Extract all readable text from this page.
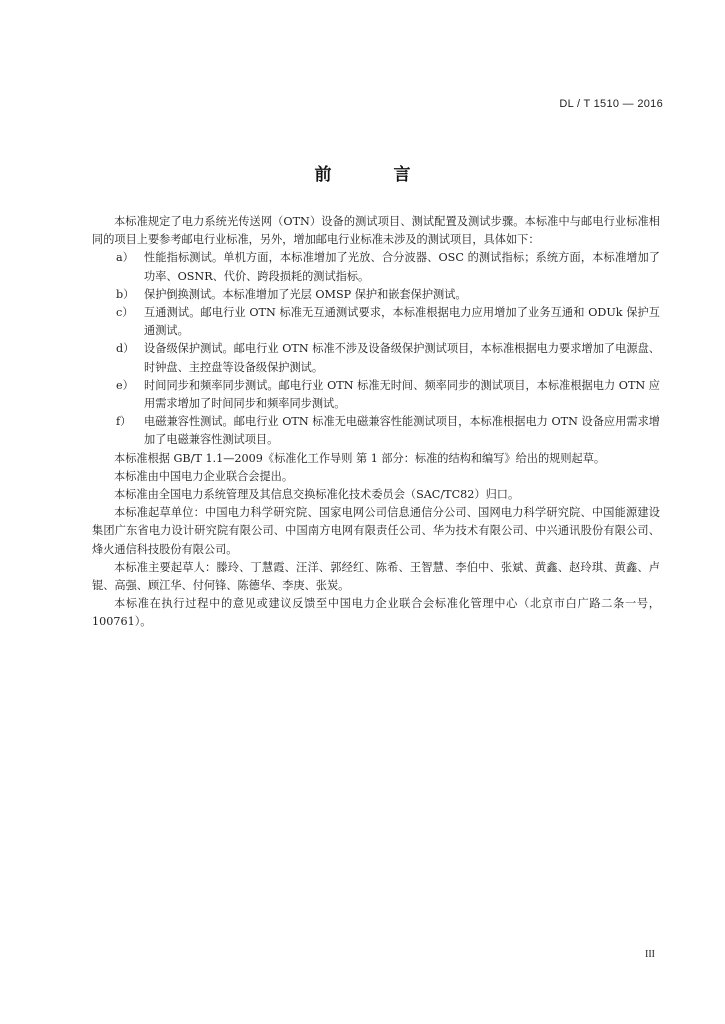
DL / T 1510 — 2016
前 言

本标准规定了电力系统光传送网（OTN）设备的测试项目、测试配置及测试步骤。本标准中与邮电行业标准相同的项目上要参考邮电行业标准，另外，增加邮电行业标准未涉及的测试项目，具体如下：

a） 性能指标测试。单机方面，本标准增加了光放、合分波器、OSC 的测试指标；系统方面，本标准增加了功率、OSNR、代价、跨段损耗的测试指标。
b） 保护倒换测试。本标准增加了光层 OMSP 保护和嵌套保护测试。
c） 互通测试。邮电行业 OTN 标准无互通测试要求，本标准根据电力应用增加了业务互通和 ODUk 保护互通测试。
d） 设备级保护测试。邮电行业 OTN 标准不涉及设备级保护测试项目，本标准根据电力要求增加了电源盘、时钟盘、主控盘等设备级保护测试。
e） 时间同步和频率同步测试。邮电行业 OTN 标准无时间、频率同步的测试项目，本标准根据电力 OTN 应用需求增加了时间同步和频率同步测试。
f）	电磁兼容性测试。邮电行业 OTN 标准无电磁兼容性能测试项目，本标准根据电力 OTN 设备应用需求增加了电磁兼容性测试项目。

本标准根据 GB/T 1.1—2009《标准化工作导则 第 1 部分：标准的结构和编写》给出的规则起草。

本标准由中国电力企业联合会提出。

本标准由全国电力系统管理及其信息交换标准化技术委员会（SAC/TC82）归口。

本标准起草单位：中国电力科学研究院、国家电网公司信息通信分公司、国网电力科学研究院、中国能源建设集团广东省电力设计研究院有限公司、中国南方电网有限责任公司、华为技术有限公司、中兴通讯股份有限公司、烽火通信科技股份有限公司。

本标准主要起草人：滕玲、丁慧霞、汪洋、郭经红、陈希、王智慧、李伯中、张斌、黄鑫、赵玲琪、黄鑫、卢锟、高强、顾江华、付何锋、陈德华、李庚、张炭。

本标准在执行过程中的意见或建议反馈至中国电力企业联合会标准化管理中心（北京市白广路二条一号，100761）。

III
